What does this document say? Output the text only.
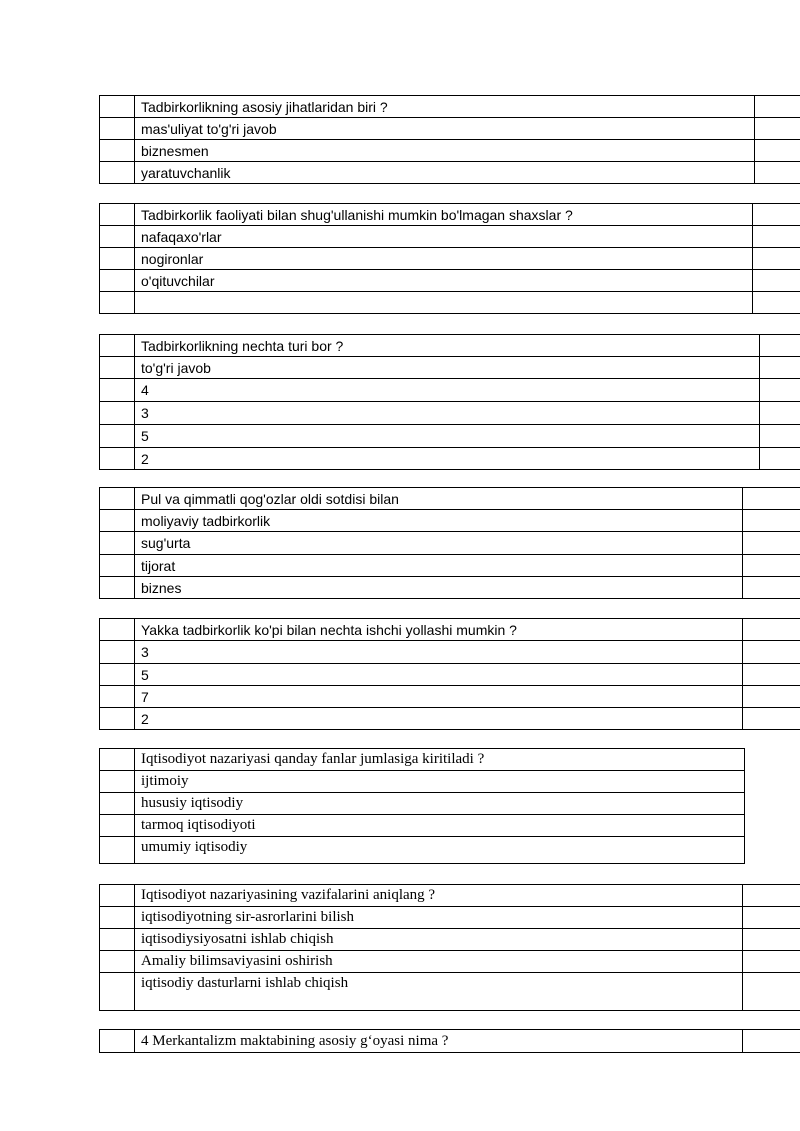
	Tadbirkorlikning asosiy jihatlaridan biri ?	
	mas'uliyat to'g'ri javob	
	biznesmen	
	yaratuvchanlik	
	Tadbirkorlik faoliyati bilan shug'ullanishi mumkin bo'lmagan shaxslar ?	
	nafaqaxo'rlar	
	nogironlar	
	o'qituvchilar	

	Tadbirkorlikning nechta turi bor ?	
	to'g'ri javob	
	4	
	3	
	5	
	2	
	Pul va qimmatli qog'ozlar oldi sotdisi bilan	
	moliyaviy tadbirkorlik	
	sug'urta	
	tijorat	
	biznes	
	Yakka tadbirkorlik ko'pi bilan nechta ishchi yollashi mumkin ?	
	3	
	5	
	7	
	2	
	Iqtisodiyot nazariyasi qanday fanlar jumlasiga kiritiladi ?
	ijtimoiy
	hususiy iqtisodiy
	tarmoq iqtisodiyoti
	umumiy iqtisodiy
	Iqtisodiyot nazariyasining vazifalarini aniqlang ?	
	iqtisodiyotning sir-asrorlarini bilish	
	iqtisodiysiyosatni ishlab chiqish	
	Amaliy bilimsaviyasini oshirish	
	iqtisodiy dasturlarni ishlab chiqish	
	4 Merkantalizm maktabining asosiy g‘oyasi nima ?	
